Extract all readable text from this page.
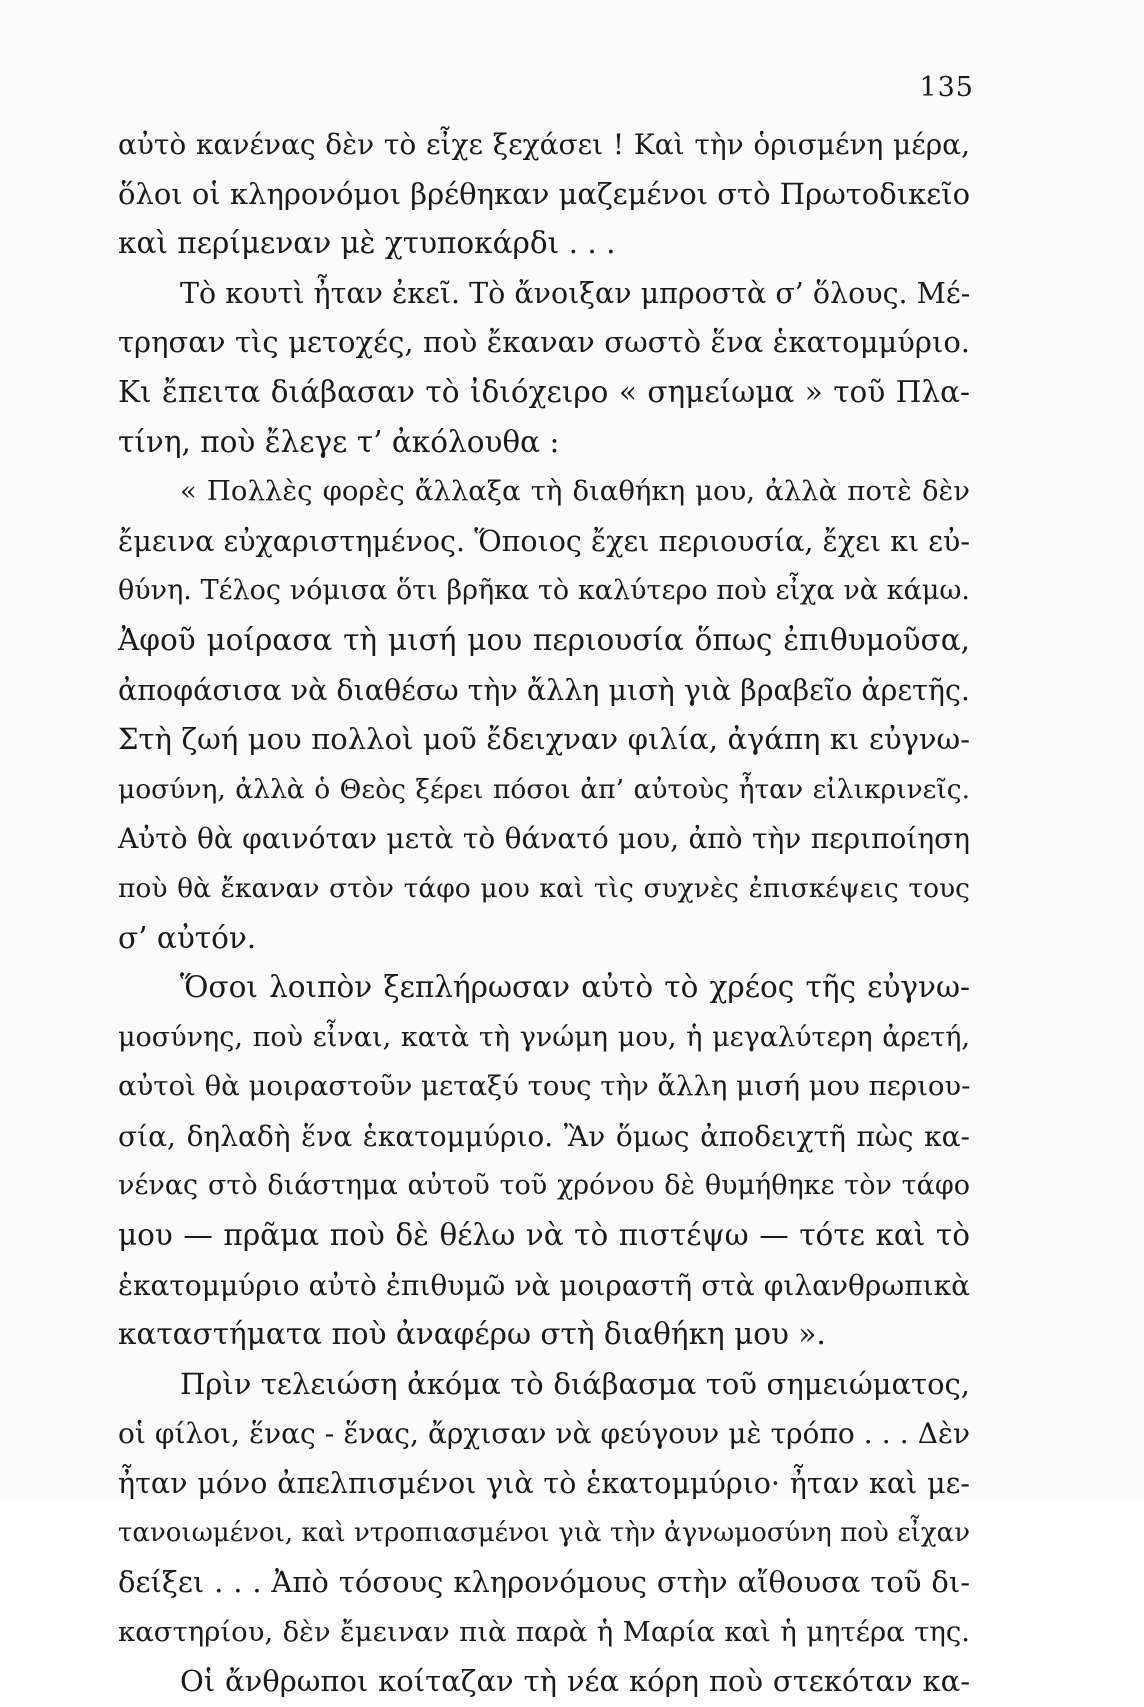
135
αὐτὸ κανένας δὲν τὸ εἶχε ξεχάσει ! Καὶ τὴν ὁρισμένη μέρα,
ὅλοι οἱ κληρονόμοι βρέθηκαν μαζεμένοι στὸ Πρωτοδικεῖο
καὶ περίμεναν μὲ χτυποκάρδι . . .
Τὸ κουτὶ ἦταν ἐκεῖ. Τὸ ἄνοιξαν μπροστὰ σ’ ὅλους. Μέ-
τρησαν τὶς μετοχές, ποὺ ἔκαναν σωστὸ ἕνα ἑκατομμύριο.
Κι ἔπειτα διάβασαν τὸ ἰδιόχειρο « σημείωμα » τοῦ Πλα-
τίνη, ποὺ ἔλεγε τ’ ἀκόλουθα :
« Πολλὲς φορὲς ἄλλαξα τὴ διαθήκη μου, ἀλλὰ ποτὲ δὲν
ἔμεινα εὐχαριστημένος. Ὅποιος ἔχει περιουσία, ἔχει κι εὐ-
θύνη. Τέλος νόμισα ὅτι βρῆκα τὸ καλύτερο ποὺ εἶχα νὰ κάμω.
Ἀφοῦ μοίρασα τὴ μισή μου περιουσία ὅπως ἐπιθυμοῦσα,
ἀποφάσισα νὰ διαθέσω τὴν ἄλλη μισὴ γιὰ βραβεῖο ἀρετῆς.
Στὴ ζωή μου πολλοὶ μοῦ ἔδειχναν φιλία, ἀγάπη κι εὐγνω-
μοσύνη, ἀλλὰ ὁ Θεὸς ξέρει πόσοι ἀπ’ αὐτοὺς ἦταν εἰλικρινεῖς.
Αὐτὸ θὰ φαινόταν μετὰ τὸ θάνατό μου, ἀπὸ τὴν περιποίηση
ποὺ θὰ ἔκαναν στὸν τάφο μου καὶ τὶς συχνὲς ἐπισκέψεις τους
σ’ αὐτόν.
Ὅσοι λοιπὸν ξεπλήρωσαν αὐτὸ τὸ χρέος τῆς εὐγνω-
μοσύνης, ποὺ εἶναι, κατὰ τὴ γνώμη μου, ἡ μεγαλύτερη ἀρετή,
αὐτοὶ θὰ μοιραστοῦν μεταξύ τους τὴν ἄλλη μισή μου περιου-
σία, δηλαδὴ ἕνα ἑκατομμύριο. Ἂν ὅμως ἀποδειχτῆ πὼς κα-
νένας στὸ διάστημα αὐτοῦ τοῦ χρόνου δὲ θυμήθηκε τὸν τάφο
μου — πρᾶμα ποὺ δὲ θέλω νὰ τὸ πιστέψω — τότε καὶ τὸ
ἑκατομμύριο αὐτὸ ἐπιθυμῶ νὰ μοιραστῆ στὰ φιλανθρωπικὰ
καταστήματα ποὺ ἀναφέρω στὴ διαθήκη μου ».
Πρὶν τελειώση ἀκόμα τὸ διάβασμα τοῦ σημειώματος,
οἱ φίλοι, ἕνας - ἕνας, ἄρχισαν νὰ φεύγουν μὲ τρόπο . . . Δὲν
ἦταν μόνο ἀπελπισμένοι γιὰ τὸ ἑκατομμύριο· ἦταν καὶ με-
τανοιωμένοι, καὶ ντροπιασμένοι γιὰ τὴν ἀγνωμοσύνη ποὺ εἶχαν
δείξει . . . Ἀπὸ τόσους κληρονόμους στὴν αἴθουσα τοῦ δι-
καστηρίου, δὲν ἔμειναν πιὰ παρὰ ἡ Μαρία καὶ ἡ μητέρα της.
Οἱ ἄνθρωποι κοίταζαν τὴ νέα κόρη ποὺ στεκόταν κα-
